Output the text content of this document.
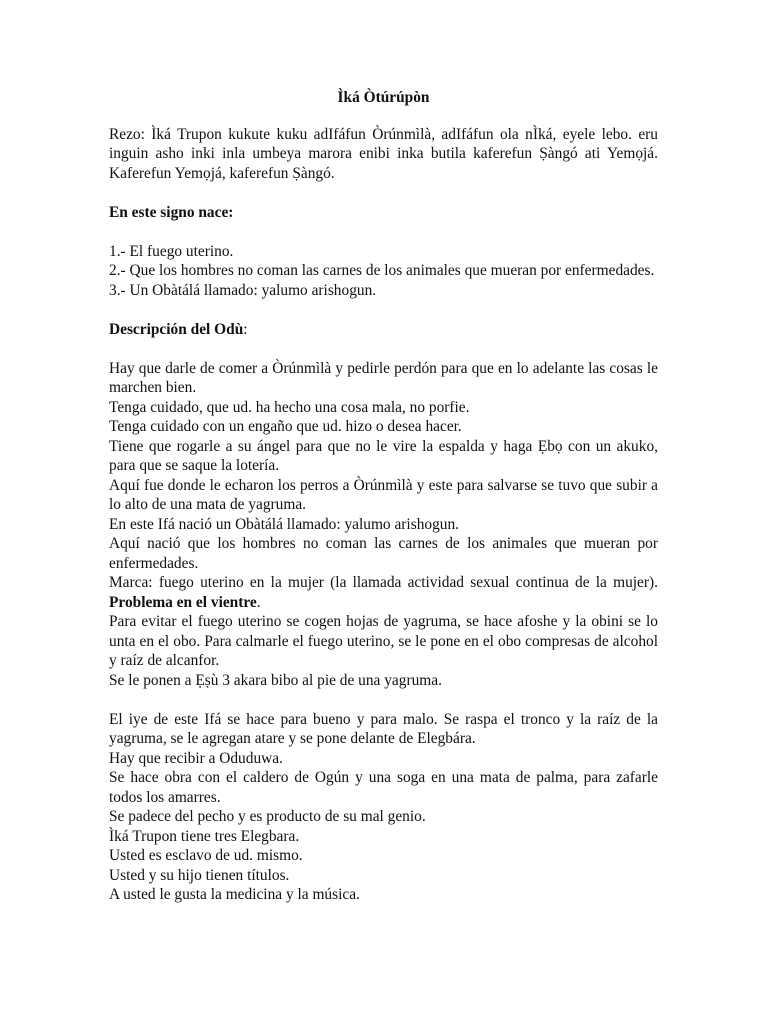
Ìká Òtúrúpòn

Rezo: Ìká Trupon kukute kuku adIfáfun Òrúnmìlà, adIfáfun ola nÌká, eyele lebo. eru inguin asho inki inla umbeya marora enibi inka butila kaferefun Ṣàngó ati Yemọjá. Kaferefun Yemọjá, kaferefun Ṣàngó.

En este signo nace:

1.- El fuego uterino.

2.- Que los hombres no coman las carnes de los animales que mueran por enfermedades.

3.- Un Obàtálá llamado: yalumo arishogun.

Descripción del Odù:

Hay que darle de comer a Òrúnmìlà y pedirle perdón para que en lo adelante las cosas le marchen bien.

Tenga cuidado, que ud. ha hecho una cosa mala, no porfie.

Tenga cuidado con un engaño que ud. hizo o desea hacer.

Tiene que rogarle a su ángel para que no le vire la espalda y haga Ẹbọ con un akuko, para que se saque la lotería.

Aquí fue donde le echaron los perros a Òrúnmìlà y este para salvarse se tuvo que subir a lo alto de una mata de yagruma.

En este Ifá nació un Obàtálá llamado: yalumo arishogun.

Aquí nació que los hombres no coman las carnes de los animales que mueran por enfermedades.

Marca: fuego uterino en la mujer (la llamada actividad sexual continua de la mujer). Problema en el vientre.

Para evitar el fuego uterino se cogen hojas de yagruma, se hace afoshe y la obini se lo unta en el obo. Para calmarle el fuego uterino, se le pone en el obo compresas de alcohol y raíz de alcanfor.

Se le ponen a Ẹṣù 3 akara bibo al pie de una yagruma.

El iye de este Ifá se hace para bueno y para malo. Se raspa el tronco y la raíz de la yagruma, se le agregan atare y se pone delante de Elegbára.

Hay que recibir a Oduduwa.

Se hace obra con el caldero de Ogún y una soga en una mata de palma, para zafarle todos los amarres.

Se padece del pecho y es producto de su mal genio.

Ìká Trupon tiene tres Elegbara.

Usted es esclavo de ud. mismo.

Usted y su hijo tienen títulos.

A usted le gusta la medicina y la música.
